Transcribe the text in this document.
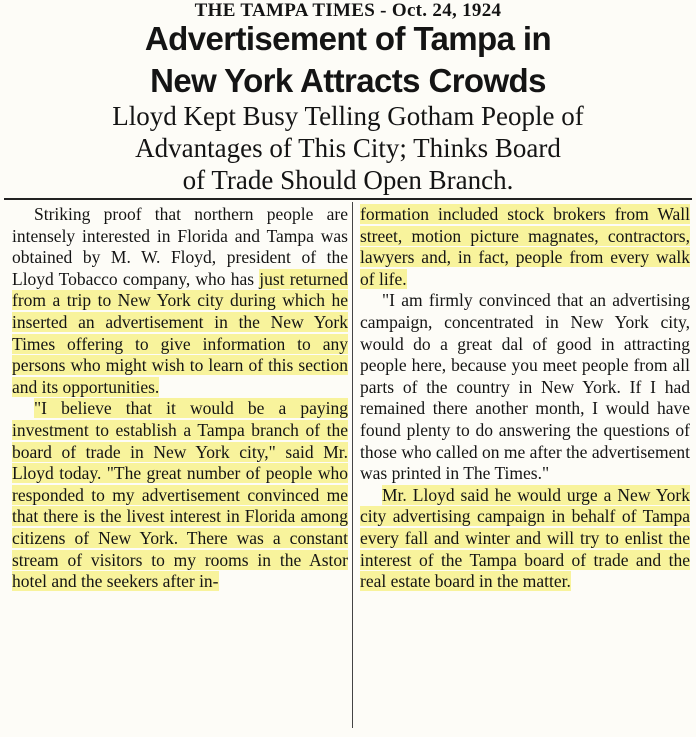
THE TAMPA TIMES - Oct. 24, 1924
Advertisement of Tampa in
New York Attracts Crowds
Lloyd Kept Busy Telling Gotham People of
Advantages of This City; Thinks Board
of Trade Should Open Branch.

Striking proof that northern people are intensely interested in Florida and Tampa was obtained by M. W. Floyd, president of the Lloyd Tobacco company, who has just returned from a trip to New York city during which he inserted an advertisement in the New York Times offering to give information to any persons who might wish to learn of this section and its opportunities.

"I believe that it would be a paying investment to establish a Tampa branch of the board of trade in New York city," said Mr. Lloyd today. "The great number of people who responded to my advertisement convinced me that there is the livest interest in Florida among citizens of New York. There was a constant stream of visitors to my rooms in the Astor hotel and the seekers after in-

formation included stock brokers from Wall street, motion picture magnates, contractors, lawyers and, in fact, people from every walk of life.

"I am firmly convinced that an advertising campaign, concentrated in New York city, would do a great dal of good in attracting people here, because you meet people from all parts of the country in New York. If I had remained there another month, I would have found plenty to do answering the questions of those who called on me after the advertisement was printed in The Times."

Mr. Lloyd said he would urge a New York city advertising campaign in behalf of Tampa every fall and winter and will try to enlist the interest of the Tampa board of trade and the real estate board in the matter.
